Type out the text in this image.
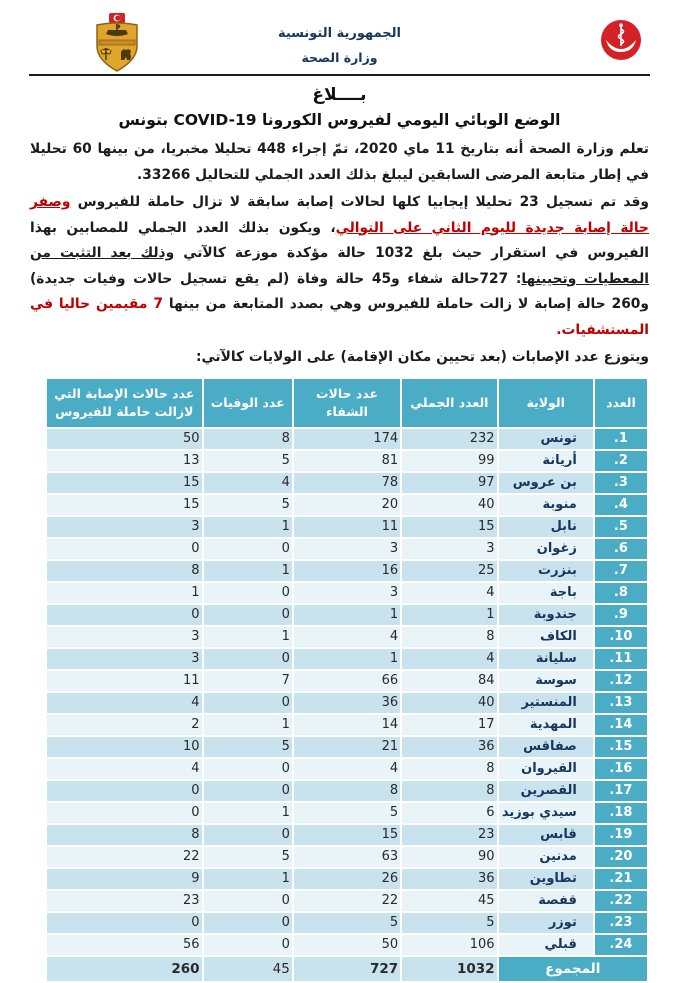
الجمهورية التونسية
وزارة الصحة
بــــلاغ
الوضع الوبائي اليومي لفيروس الكورونا COVID-19 بتونس

تعلم وزارة الصحة أنه بتاريخ 11 ماي 2020، تمّ إجراء 448 تحليلا مخبريا، من بينها 60 تحليلا في إطار متابعة المرضى السابقين ليبلغ بذلك العدد الجملي للتحاليل 33266.

وقد تم تسجيل 23 تحليلا إيجابيا كلها لحالات إصابة سابقة لا تزال حاملة للفيروس وصفر حالة إصابة جديدة لليوم الثاني على التوالي، ويكون بذلك العدد الجملي للمصابين بهذا الفيروس في استقرار حيث بلغ 1032 حالة مؤكدة موزعة كالآتي وذلك بعد التثبت من المعطيات وتحيينها: 727حالة شفاء و45 حالة وفاة (لم يقع تسجيل حالات وفيات جديدة) و260 حالة إصابة لا زالت حاملة للفيروس وهي بصدد المتابعة من بينها 7 مقيمين حاليا في المستشفيات.

ويتوزع عدد الإصابات (بعد تحيين مكان الإقامة) على الولايات كالآتي:

العدد	الولاية	العدد الجملي	عدد حالات الشفاء	عدد الوفيات	عدد حالات الإصابة التي لازالت حاملة للفيروس
.1	تونس	232	174	8	50
.2	أريانة	99	81	5	13
.3	بن عروس	97	78	4	15
.4	منوبة	40	20	5	15
.5	نابل	15	11	1	3
.6	زغوان	3	3	0	0
.7	بنزرت	25	16	1	8
.8	باجة	4	3	0	1
.9	جندوبة	1	1	0	0
.10	الكاف	8	4	1	3
.11	سليانة	4	1	0	3
.12	سوسة	84	66	7	11
.13	المنستير	40	36	0	4
.14	المهدية	17	14	1	2
.15	صفاقس	36	21	5	10
.16	القيروان	8	4	0	4
.17	القصرين	8	8	0	0
.18	سيدي بوزيد	6	5	1	0
.19	قابس	23	15	0	8
.20	مدنين	90	63	5	22
.21	تطاوين	36	26	1	9
.22	قفصة	45	22	0	23
.23	توزر	5	5	0	0
.24	قبلي	106	50	0	56
المجموع		1032	727	45	260
